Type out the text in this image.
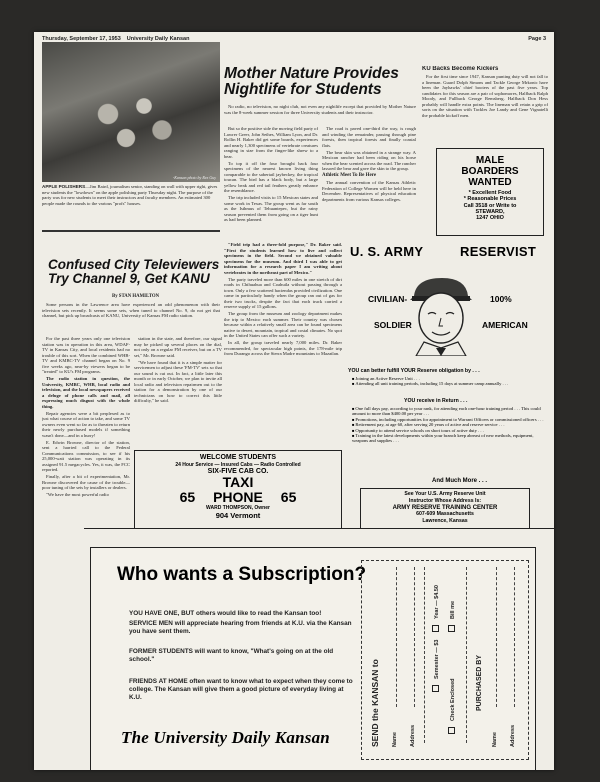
Thursday, September 17, 1953 University Daily Kansan	Page 3
-Kansan photo by Rex Guy
APPLE POLISHERS—Jim Baird, journalism senior, standing on wall with upper right, gives new students the "lowdown" on the apple polishing party Thursday night. The purpose of the party was for new students to meet their instructors and faculty members. An estimated 300 people made the rounds to the various "profs" houses.
Mother Nature Provides
Nightlife for Students

No radio, no television, no night club, not even any nightlife except that provided by Mother Nature was the 8-week summer session for three University students and their instructor.

But so the positive side the moving field party of Lawrer Greer, John Sethes, William Lyon, and Dr. Rollin H. Baker did get some boards, experiences and nearly 1,300 specimens of vertebrate creatures ranging in size from the finger-like shrew to a bear.

To top it off the four brought back four specimens of the nearest known living thing comparable to the sabertail jaybeckey, the tropical toucan. The bird has a black body, but a large yellow beak and red tail feathers greatly enhance the resemblance.

The trip included visits to 15 Mexican states and some work in Texas. The group went as far south as the Isthmus of Tehuantepec, but the rainy season prevented them from going on a tiger hunt as had been planned.

"Field trip had a three-fold purpose," Dr. Baker said. "First the students learned how to live and collect specimens in the field. Second we obtained valuable specimens for the museum. And third I was able to get information for a research paper I am writing about vertebrates in the northeast part of Mexico."

The party traveled more than 600 miles in one stretch of dirt roads in Chihuahua and Coahuila without passing through a town. Only a few scattered haciendas provided civilization. One came in particularly handy when the group ran out of gas for their two trucks, despite the fact that each truck carried a reserve supply of 15 gallons.

The group from the museum and zoology department makes the trip to Mexico each summer. Their country was chosen because within a relatively small area can be found specimens native to desert, mountain, tropical and costal climates. No spot in the United States can offer such a variety.

In all, the group traveled nearly 7,000 miles. Dr. Baker recommended, for spectacular high points, the 178-mile trip from Durango across the Sierra Madre mountains to Mazatlan.

The road is paved one-third the way, is rough and winding the remainder, passing through pine forests, then tropical forests and finally coastal flats.

The bear skin was obtained in a strange way. A Mexican rancher had been riding on his horse when the bear scented across the road. The rancher lassoed the bear and gave the skin to the group.

Athletic Meet To Be Here

The annual convention of the Kansas Athletic Federation of College Women will be held here in December. Representatives of physical education departments from various Kansas colleges.

KU Backs Become Kickers

For the first time since 1947, Kansan punting duty will not fall to a lineman. Guard Dolph Simons and Tackle George Mrkonic have been the Jayhawks' chief booters of the past five years. Top candidates for this season are a pair of sophomores, Halfback Ralph Moody, and Fullback George Remsberg. Halfback Don Hess probably will handle extra points. The lineman will retain a grip of sorts on the situation with Tackles Joe Landy and Gene Vignatelli the probable kickoff men.

MALE
BOARDERS
WANTED
* Excellent Food
* Reasonable Prices
Call 3518 or Write to
STEWARD,
1247 OHIO
Confused City Televiewers
Try Channel 9, Get KANU
By STAN HAMILTON

Some persons in the Lawrence area have experienced an odd phenomenon with their television sets recently. It seems some sets, when tuned to channel No. 9, do not get that channel, but pick up broadcasts of KANU, University of Kansas FM radio station.

For the past three years only one television station was in operation in this area, WDAF-TV in Kansas City, and local residents had no trouble of this sort. When the combined WHB-TV and KMBC-TV channel began on No. 9 five weeks ago, near-by viewers began to be "treated" to KU's FM programs.

The radio station in question, the University, KMBC, WHB, local radio and television, and the local newspapers received a deluge of phone calls and mail, all expressing much disgust with the whole thing.

Repair agencies were a bit perplexed as to just what course of action to take, and some TV owners even went so far as to threaten to return their newly purchased models if something wasn't done—and in a hurry!

E. Edwin Browne, director of the station, sent a harried call to the Federal Communications commission, to see if his 25,000-watt station was operating in its assigned 91.5 megacycles. Yes, it was, the FCC reported.

Finally, after a bit of experimentation, Mr. Browne discovered the cause of the trouble—poor tuning of the sets by installers or dealers.

"We have the most powerful radio

station in the state, and therefore, our signal may be picked up several places on the dial, not only on a regular FM receiver, but on a TV set," Mr. Browne said.

"We have found that it is a simple matter for servicemen to adjust these 'FM-TV' sets so that our sound is cut out. In fact, a little later this month or in early October, we plan to invite all local radio and television repairmen out to the station for a demonstration by one of our technicians on how to correct this little difficulty," he said.

WELCOME STUDENTS
24 Hour Service — Insured Cabs — Radio Controlled
SIX-FIVE CAB CO.
TAXI
65 PHONE 65
WARD THOMPSON, Owner
904 Vermont
U. S. ARMY	RESERVIST
CIVILIAN-	100%
SOLDIER	AMERICAN
YOU can better fulfill YOUR Reserve obligation by . . .
■ Joining an Active Reserve Unit . . .
■ Attending all unit training periods, including 15 days at summer camp annually . . .
YOU receive in Return . . .
■ One full days pay, according to your rank, for attending each one-hour training period . . . This could amount to more than $400.00 per year . . .
■ Promotions, including opportunities for appointment to Warrant Officers or commissioned officers . . .
■ Retirement pay, at age 60, after serving 20 years of active and reserve service . . .
■ Opportunity to attend service schools on short tours of active duty . . .
■ Training in the latest developments within your branch keep abreast of new methods, equipment, weapons and supplies . . .
And Much More . . .
See Your U.S. Army Reserve Unit
Instructor Whose Address Is:
ARMY RESERVE TRAINING CENTER
607-609 Massachusetts
Lawrence, Kansas
Who wants a Subscription?
YOU HAVE ONE, BUT others would like to read the Kansan too!
SERVICE MEN will appreciate hearing from friends at K.U. via the Kansan you have sent them.
FORMER STUDENTS will want to know, "What's going on at the old school."
FRIENDS AT HOME often want to know what to expect when they come to college. The Kansan will give them a good picture of everyday living at K.U.
The University Daily Kansan	SEND the KANSAN to Name Address
Semester — $3
Year — $4.50
Check Enclosed
Bill me
PURCHASED BY
Name Address
